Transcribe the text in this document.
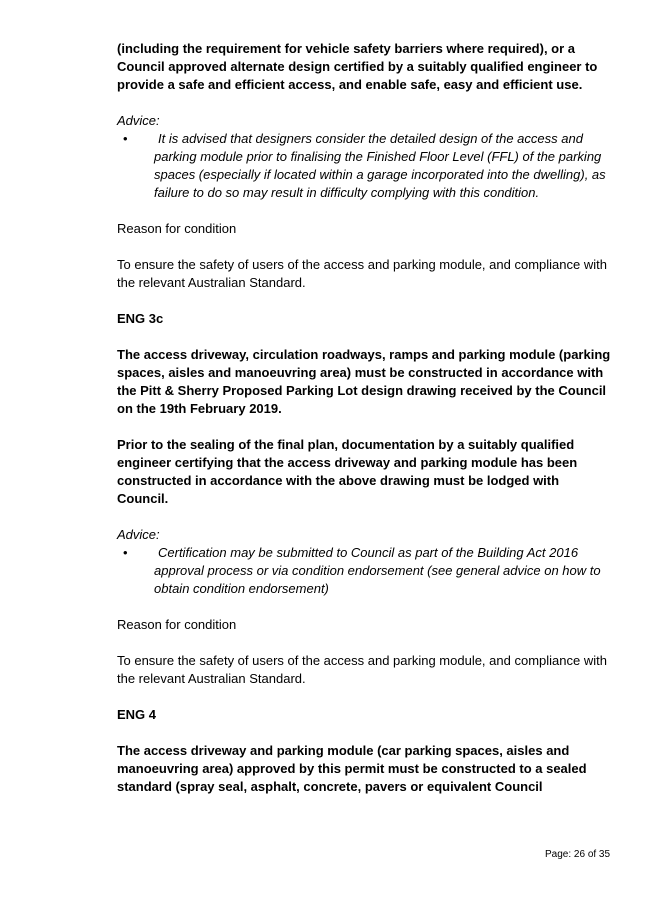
(including the requirement for vehicle safety barriers where required), or a Council approved alternate design certified by a suitably qualified engineer to provide a safe and efficient access, and enable safe, easy and efficient use.

Advice:

•	It is advised that designers consider the detailed design of the access and parking module prior to finalising the Finished Floor Level (FFL) of the parking spaces (especially if located within a garage incorporated into the dwelling), as failure to do so may result in difficulty complying with this condition.

Reason for condition

To ensure the safety of users of the access and parking module, and compliance with the relevant Australian Standard.

ENG 3c

The access driveway, circulation roadways, ramps and parking module (parking spaces, aisles and manoeuvring area) must be constructed in accordance with the Pitt & Sherry Proposed Parking Lot design drawing received by the Council on the 19th February 2019.

Prior to the sealing of the final plan, documentation by a suitably qualified engineer certifying that the access driveway and parking module has been constructed in accordance with the above drawing must be lodged with Council.

Advice:

•	Certification may be submitted to Council as part of the Building Act 2016 approval process or via condition endorsement (see general advice on how to obtain condition endorsement)

Reason for condition

To ensure the safety of users of the access and parking module, and compliance with the relevant Australian Standard.

ENG 4

The access driveway and parking module (car parking spaces, aisles and manoeuvring area) approved by this permit must be constructed to a sealed standard (spray seal, asphalt, concrete, pavers or equivalent Council

Page: 26 of 35
